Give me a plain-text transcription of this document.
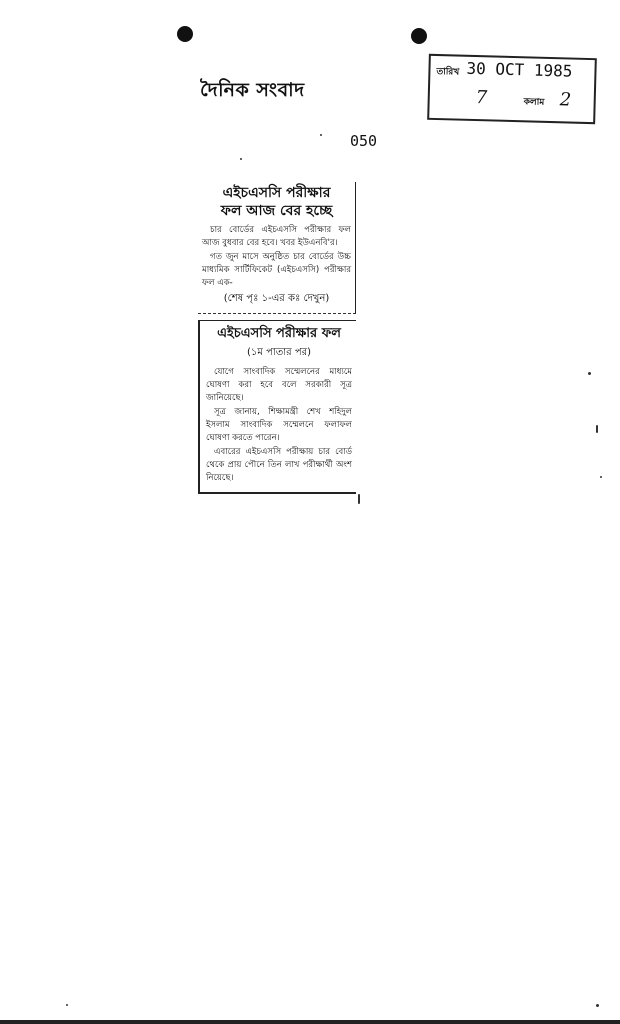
দৈনিক সংবাদ
তারিখ 30 OCT 1985
7	কলাম 2
050
এইচএসসি পরীক্ষার
ফল আজ বের হচ্ছে

চার বোর্ডের এইচএসসি পরীক্ষার ফল আজ বুধবার বের হবে। খবর ইউএনবি'র।

গত জুন মাসে অনুষ্ঠিত চার বোর্ডের উচ্চ মাধ্যমিক সার্টিফিকেট (এইচএসসি) পরীক্ষার ফল এক-

(শেষ পৃঃ ১-এর কঃ দেখুন)
এইচএসসি পরীক্ষার ফল
(১ম পাতার পর)

যোগে সাংবাদিক সম্মেলনের মাধ্যমে ঘোষণা করা হবে বলে সরকারী সূত্র জানিয়েছে।

সূত্র জানায়, শিক্ষামন্ত্রী শেখ শহিদুল ইসলাম সাংবাদিক সম্মেলনে ফলাফল ঘোষণা করতে পারেন।

এবারের এইচএসসি পরীক্ষায় চার বোর্ড থেকে প্রায় পৌনে তিন লাখ পরীক্ষার্থী অংশ নিয়েছে।
